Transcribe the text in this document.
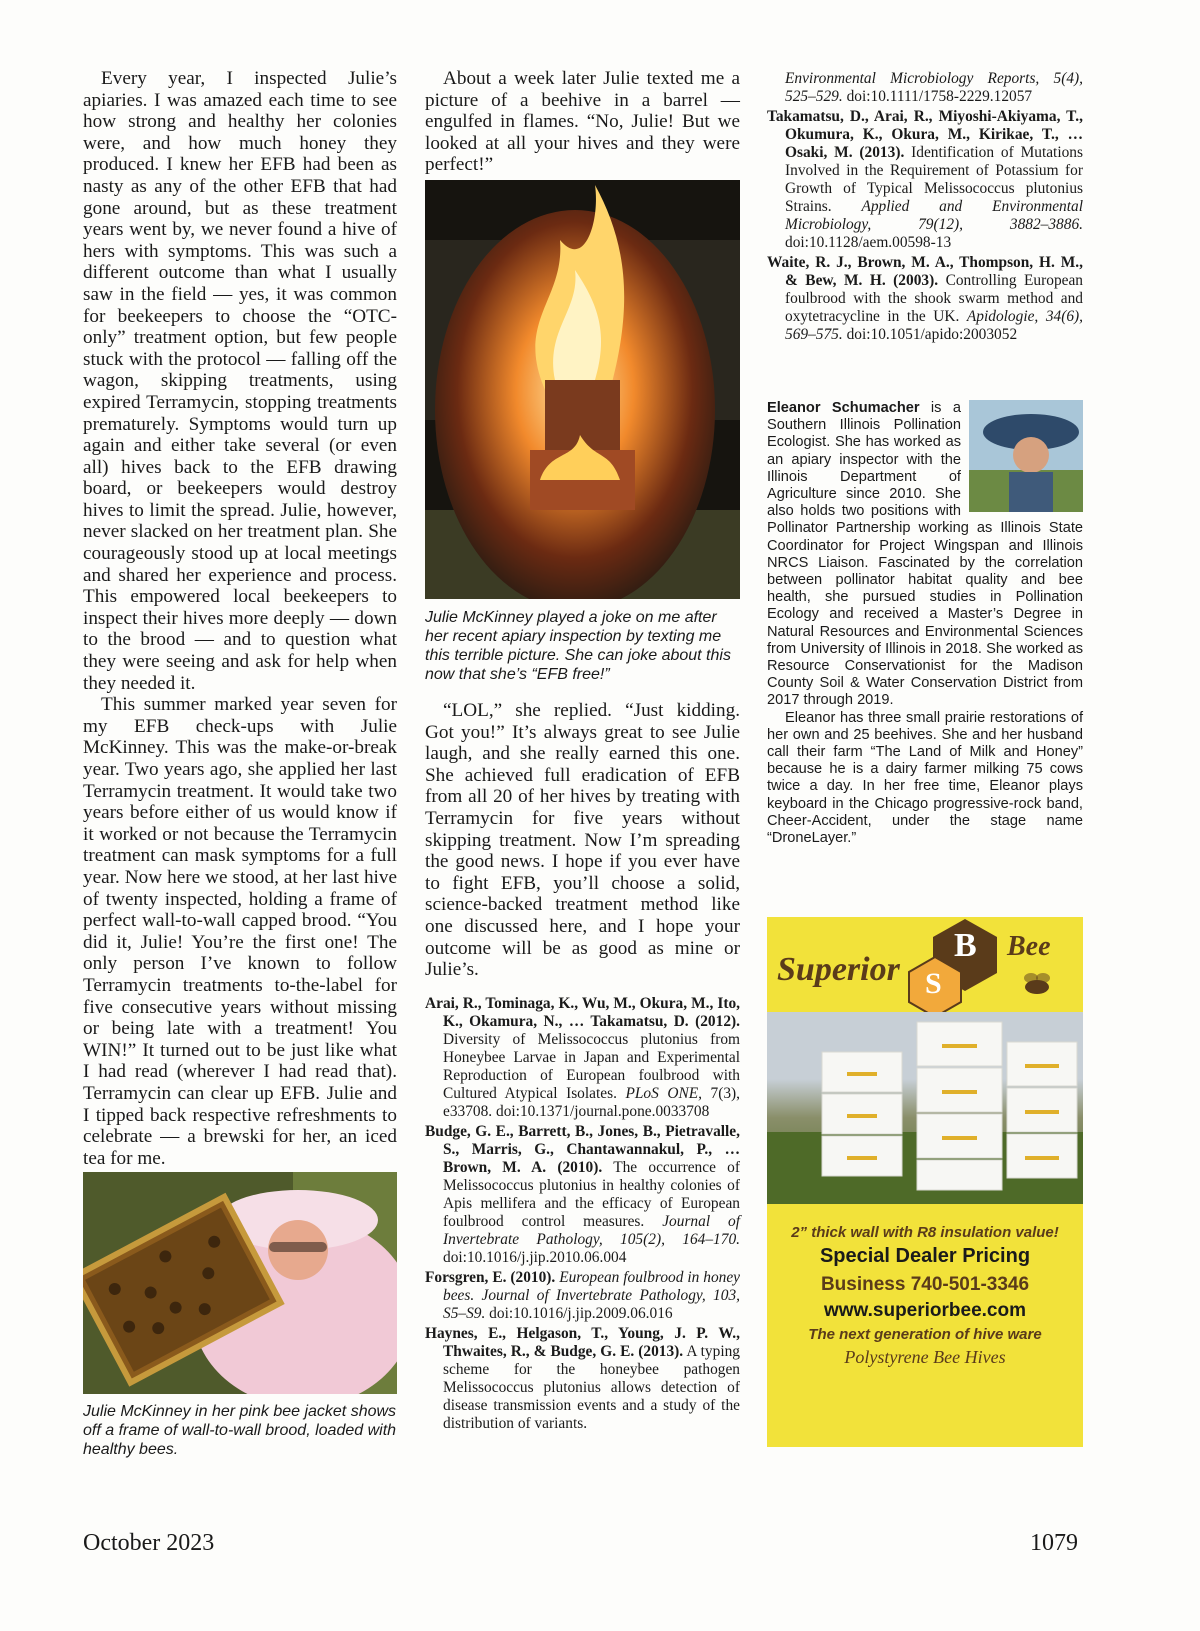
Every year, I inspected Julie’s apiaries. I was amazed each time to see how strong and healthy her colonies were, and how much honey they produced. I knew her EFB had been as nasty as any of the other EFB that had gone around, but as these treatment years went by, we never found a hive of hers with symptoms. This was such a different outcome than what I usually saw in the field — yes, it was common for beekeepers to choose the “OTC-only” treatment option, but few people stuck with the protocol — falling off the wagon, skipping treatments, using expired Terramycin, stopping treatments prematurely. Symptoms would turn up again and either take several (or even all) hives back to the EFB drawing board, or beekeepers would destroy hives to limit the spread. Julie, however, never slacked on her treatment plan. She courageously stood up at local meetings and shared her experience and process. This empowered local beekeepers to inspect their hives more deeply — down to the brood — and to question what they were seeing and ask for help when they needed it.

This summer marked year seven for my EFB check-ups with Julie McKinney. This was the make-or-break year. Two years ago, she applied her last Terramycin treatment. It would take two years before either of us would know if it worked or not because the Terramycin treatment can mask symptoms for a full year. Now here we stood, at her last hive of twenty inspected, holding a frame of perfect wall-to-wall capped brood. “You did it, Julie! You’re the first one! The only person I’ve known to follow Terramycin treatments to-the-label for five consecutive years without missing or being late with a treatment! You WIN!” It turned out to be just like what I had read (wherever I had read that). Terramycin can clear up EFB. Julie and I tipped back respective refreshments to celebrate — a brewski for her, an iced tea for me.

Julie McKinney in her pink bee jacket shows off a frame of wall-to-wall brood, loaded with healthy bees.

About a week later Julie texted me a picture of a beehive in a barrel — engulfed in flames. “No, Julie! But we looked at all your hives and they were perfect!”

Julie McKinney played a joke on me after her recent apiary inspection by texting me this terrible picture. She can joke about this now that she’s “EFB free!”

“LOL,” she replied. “Just kidding. Got you!” It’s always great to see Julie laugh, and she really earned this one. She achieved full eradication of EFB from all 20 of her hives by treating with Terramycin for five years without skipping treatment. Now I’m spreading the good news. I hope if you ever have to fight EFB, you’ll choose a solid, science-backed treatment method like one discussed here, and I hope your outcome will be as good as mine or Julie’s.

Arai, R., Tominaga, K., Wu, M., Okura, M., Ito, K., Okamura, N., … Takamatsu, D. (2012). Diversity of Melissococcus plutonius from Honeybee Larvae in Japan and Experimental Reproduction of European foulbrood with Cultured Atypical Isolates. PLoS ONE, 7(3), e33708. doi:10.1371/journal.pone.0033708
Budge, G. E., Barrett, B., Jones, B., Pietravalle, S., Marris, G., Chantawannakul, P., … Brown, M. A. (2010). The occurrence of Melissococcus plutonius in healthy colonies of Apis mellifera and the efficacy of European foulbrood control measures. Journal of Invertebrate Pathology, 105(2), 164–170. doi:10.1016/j.jip.2010.06.004
Forsgren, E. (2010). European foulbrood in honey bees. Journal of Invertebrate Pathology, 103, S5–S9. doi:10.1016/j.jip.2009.06.016
Haynes, E., Helgason, T., Young, J. P. W., Thwaites, R., & Budge, G. E. (2013). A typing scheme for the honeybee pathogen Melissococcus plutonius allows detection of disease transmission events and a study of the distribution of variants.
Environmental Microbiology Reports, 5(4), 525–529. doi:10.1111/1758-2229.12057
Takamatsu, D., Arai, R., Miyoshi-Akiyama, T., Okumura, K., Okura, M., Kirikae, T., … Osaki, M. (2013). Identification of Mutations Involved in the Requirement of Potassium for Growth of Typical Melissococcus plutonius Strains. Applied and Environmental Microbiology, 79(12), 3882–3886. doi:10.1128/aem.00598-13
Waite, R. J., Brown, M. A., Thompson, H. M., & Bew, M. H. (2003). Controlling European foulbrood with the shook swarm method and oxytetracycline in the UK. Apidologie, 34(6), 569–575. doi:10.1051/apido:2003052

Eleanor Schumacher is a Southern Illinois Pollination Ecologist. She has worked as an apiary inspector with the Illinois Department of Agriculture since 2010. She also holds two positions with Pollinator Partnership working as Illinois State Coordinator for Project Wingspan and Illinois NRCS Liaison. Fascinated by the correlation between pollinator habitat quality and bee health, she pursued studies in Pollination Ecology and received a Master’s Degree in Natural Resources and Environmental Sciences from University of Illinois in 2018. She worked as Resource Conservationist for the Madison County Soil & Water Conservation District from 2017 through 2019.

Eleanor has three small prairie restorations of her own and 25 beehives. She and her husband call their farm “The Land of Milk and Honey” because he is a dairy farmer milking 75 cows twice a day. In her free time, Eleanor plays keyboard in the Chicago progressive-rock band, Cheer-Accident, under the stage name “DroneLayer.”

Superior S
B Bee
2” thick wall with R8 insulation value!
Special Dealer Pricing
Business 740-501-3346
www.superiorbee.com
The next generation of hive ware
Polystyrene Bee Hives
October 2023	1079
